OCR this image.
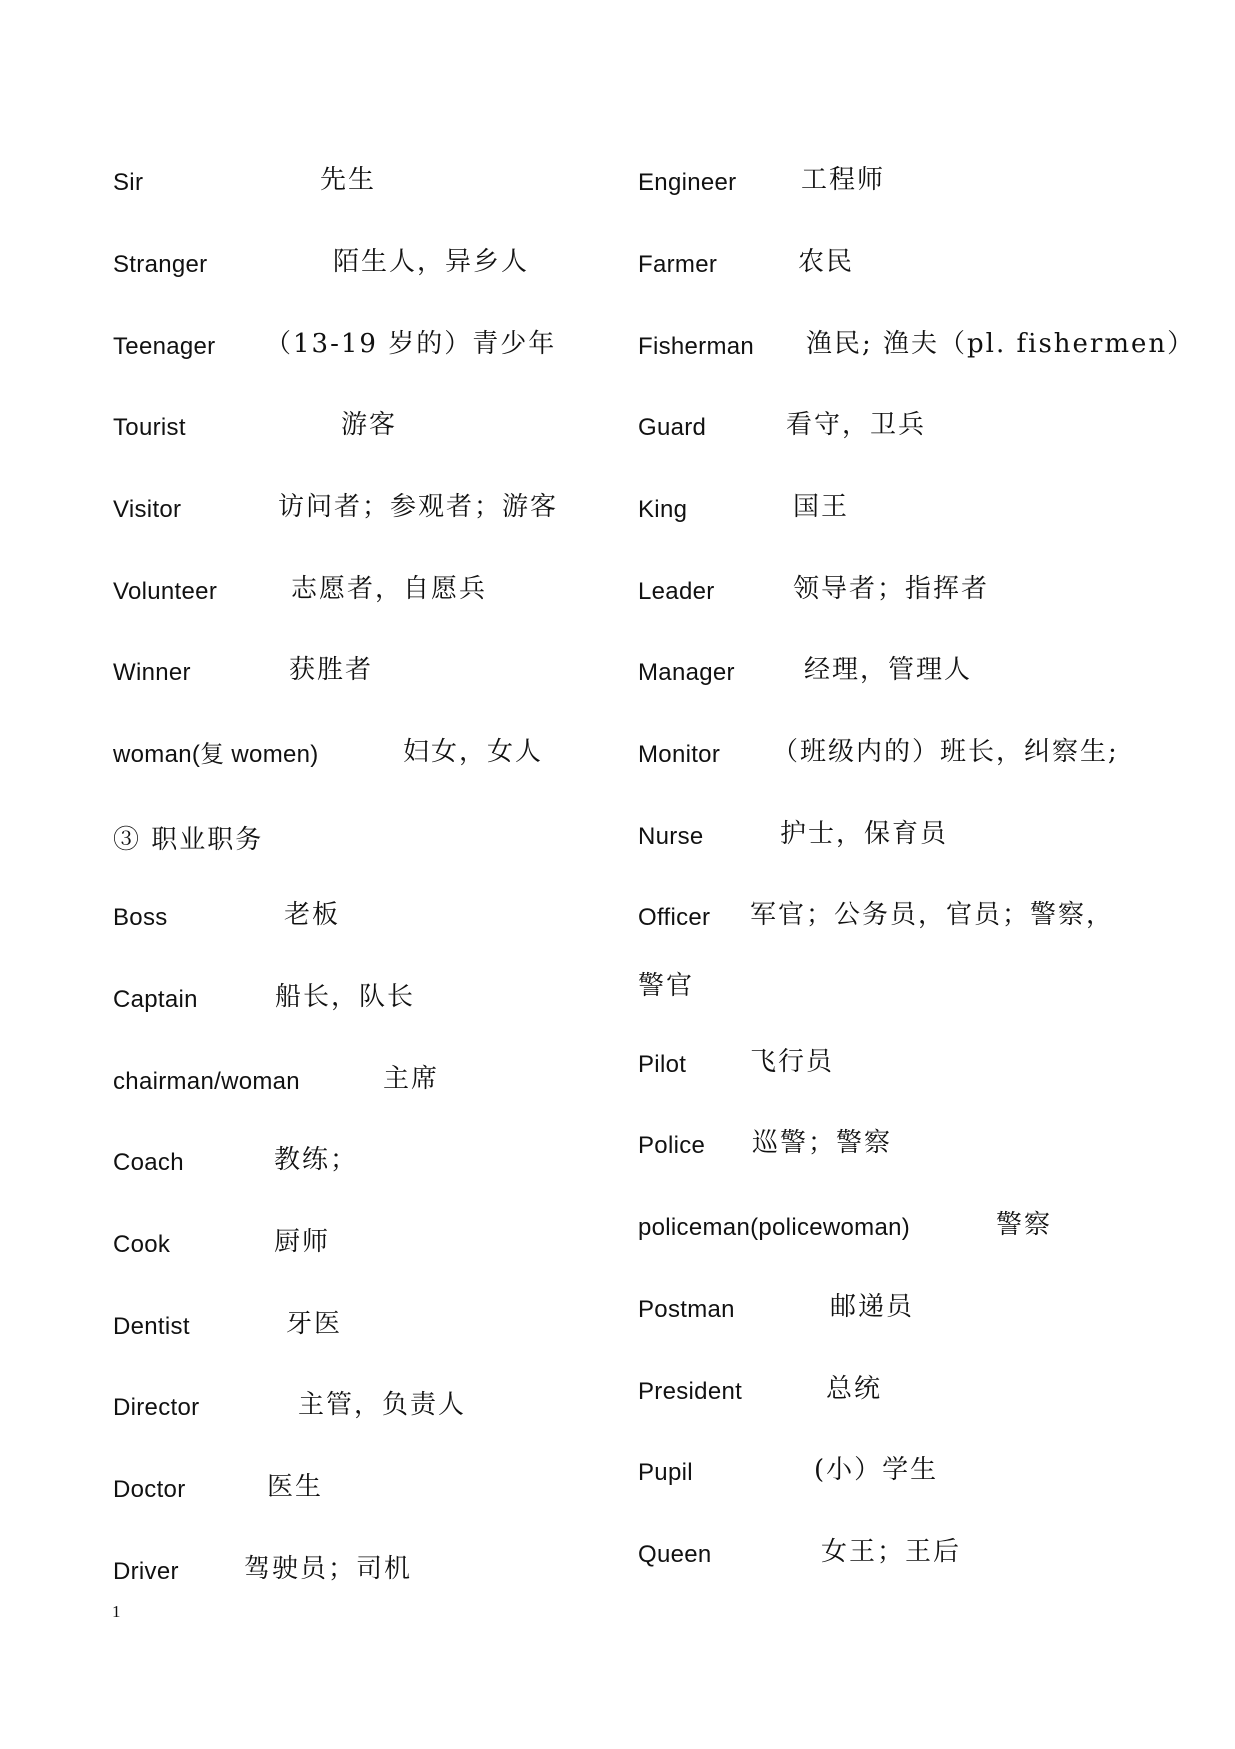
Sir	先生
Stranger	陌生人，异乡人
Teenager （13-19 岁的）青少年
Tourist	游客
Visitor	访问者；参观者；游客
Volunteer	志愿者，自愿兵
Winner	获胜者
woman(复 women)	妇女，女人
③ 职业职务
Boss	老板
Captain	船长，队长
chairman/woman	主席
Coach	教练；
Cook	厨师
Dentist	牙医
Director	主管，负责人
Doctor	医生
Driver	驾驶员；司机
Engineer 工程师
Farmer	农民
Fisherman 渔民; 渔夫（pl. fishermen）
Guard	看守，卫兵
King	国王
Leader	领导者；指挥者
Manager	经理，管理人
Monitor （班级内的）班长，纠察生;
Nurse	护士，保育员
Officer 军官；公务员，官员；警察，
警官
Pilot 飞行员
Police 巡警；警察
policeman(policewoman)	警察
Postman	邮递员
President	总统
Pupil	(小）学生
Queen	女王；王后
1
